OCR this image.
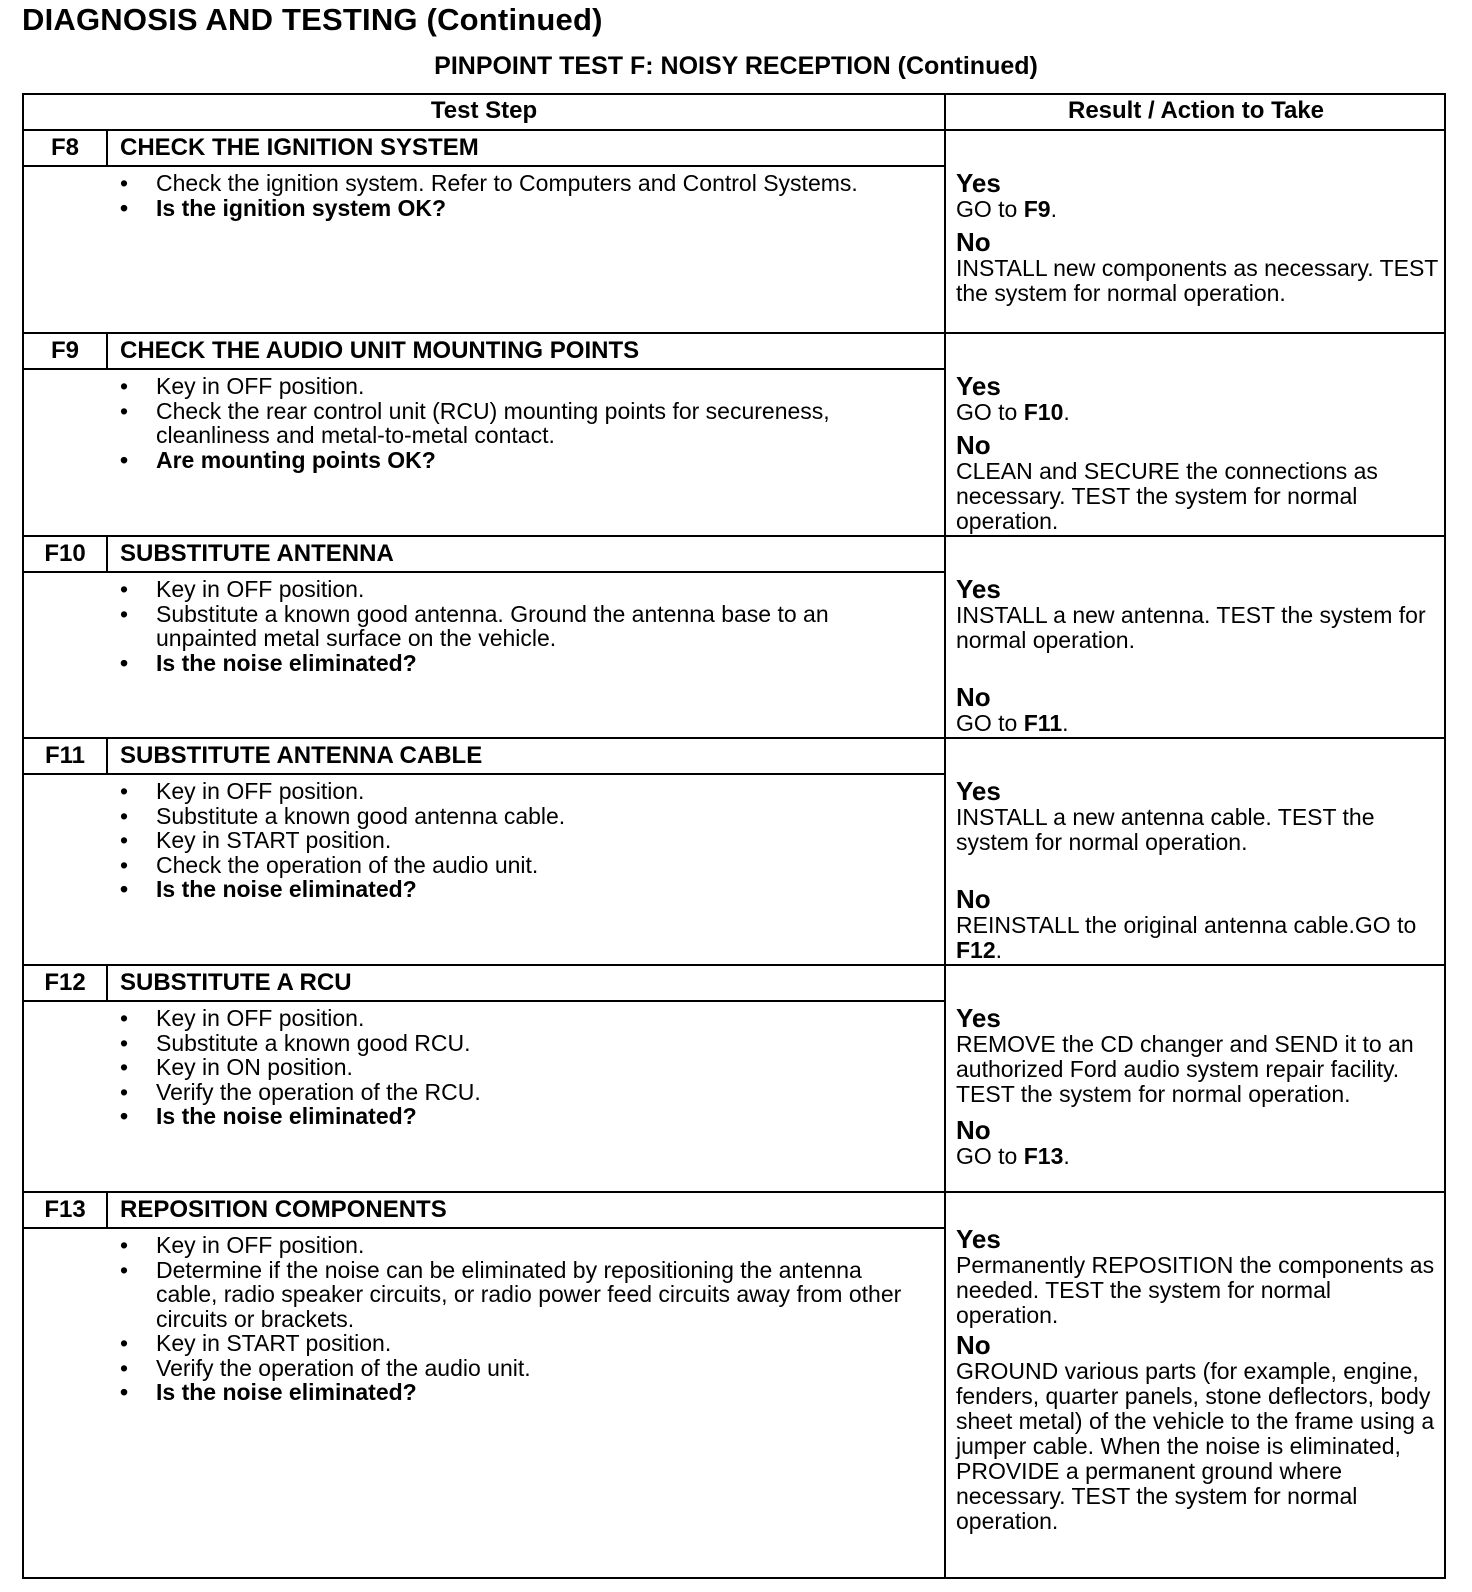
DIAGNOSIS AND TESTING (Continued)
PINPOINT TEST F: NOISY RECEPTION (Continued)
Test Step	Result / Action to Take
F8	CHECK THE IGNITION SYSTEM
• Check the ignition system. Refer to Computers and Control Systems.
• Is the ignition system OK?
Yes
GO to F9.
No
INSTALL new components as necessary. TEST the system for normal operation.
F9	CHECK THE AUDIO UNIT MOUNTING POINTS
• Key in OFF position.
• Check the rear control unit (RCU) mounting points for secureness, cleanliness and metal-to-metal contact.
• Are mounting points OK?
Yes
GO to F10.
No
CLEAN and SECURE the connections as necessary. TEST the system for normal operation.
F10	SUBSTITUTE ANTENNA
• Key in OFF position.
• Substitute a known good antenna. Ground the antenna base to an unpainted metal surface on the vehicle.
• Is the noise eliminated?
Yes
INSTALL a new antenna. TEST the system for normal operation.
No
GO to F11.
F11	SUBSTITUTE ANTENNA CABLE
• Key in OFF position.
• Substitute a known good antenna cable.
• Key in START position.
• Check the operation of the audio unit.
• Is the noise eliminated?
Yes
INSTALL a new antenna cable. TEST the system for normal operation.
No
REINSTALL the original antenna cable.GO to F12.
F12	SUBSTITUTE A RCU
• Key in OFF position.
• Substitute a known good RCU.
• Key in ON position.
• Verify the operation of the RCU.
• Is the noise eliminated?
Yes
REMOVE the CD changer and SEND it to an authorized Ford audio system repair facility. TEST the system for normal operation.
No
GO to F13.
F13	REPOSITION COMPONENTS
• Key in OFF position.
• Determine if the noise can be eliminated by repositioning the antenna cable, radio speaker circuits, or radio power feed circuits away from other circuits or brackets.
• Key in START position.
• Verify the operation of the audio unit.
• Is the noise eliminated?
Yes
Permanently REPOSITION the components as needed. TEST the system for normal operation.
No
GROUND various parts (for example, engine, fenders, quarter panels, stone deflectors, body sheet metal) of the vehicle to the frame using a jumper cable. When the noise is eliminated, PROVIDE a permanent ground where necessary. TEST the system for normal operation.
